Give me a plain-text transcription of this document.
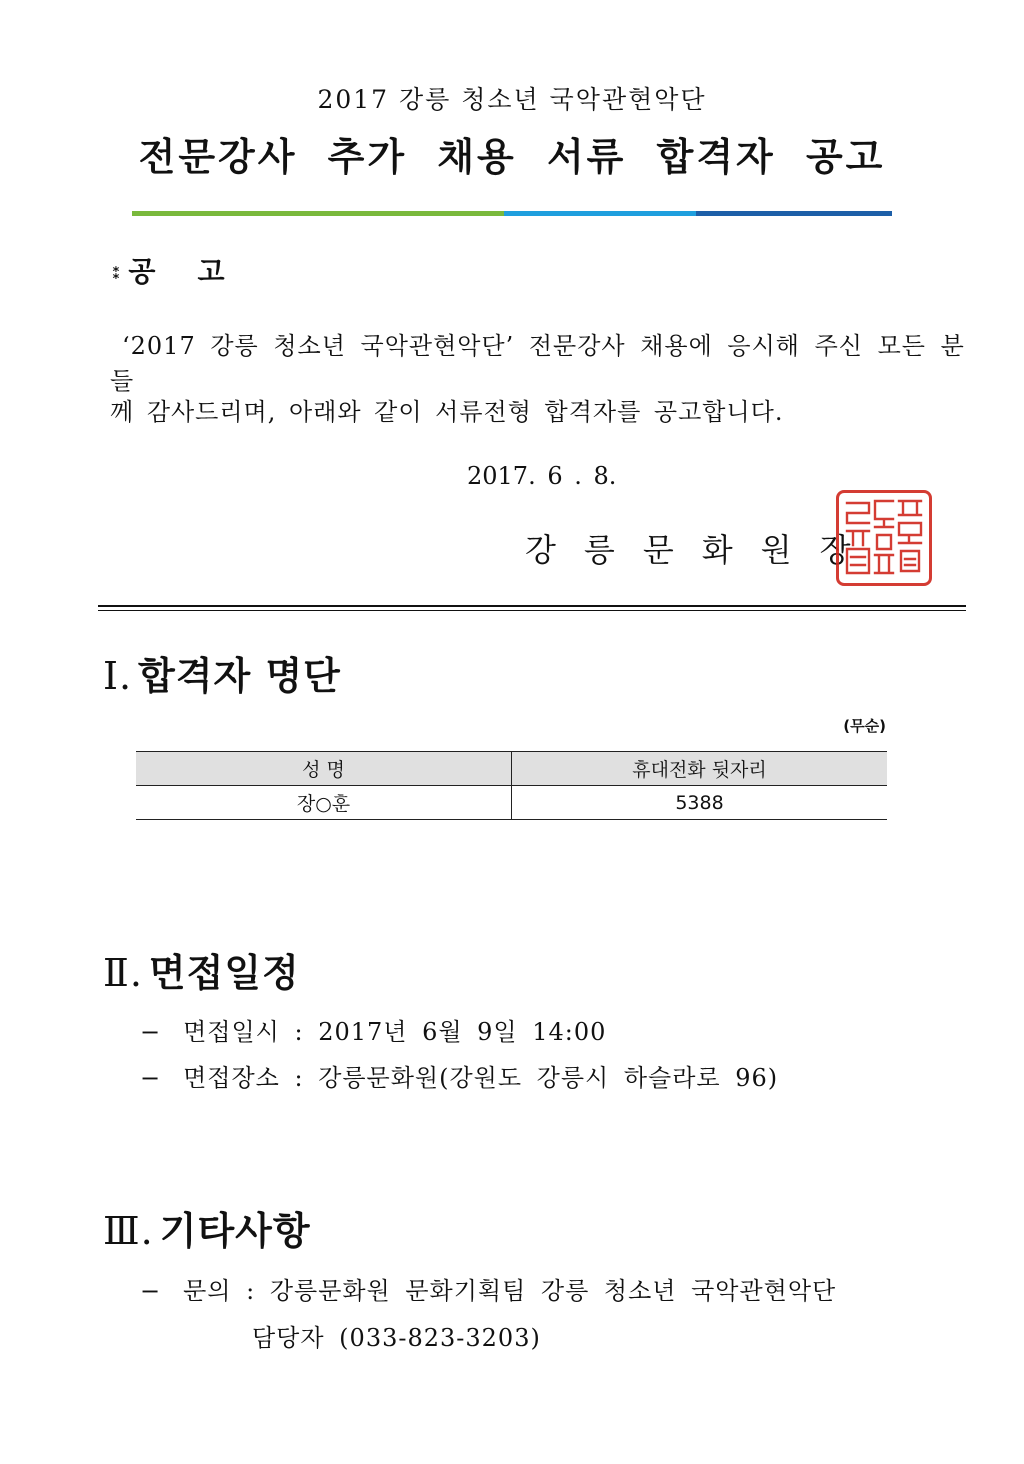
2017 강릉 청소년 국악관현악단
전문강사 추가 채용 서류 합격자 공고
⁑ 공 고
‘2017 강릉 청소년 국악관현악단’ 전문강사 채용에 응시해 주신 모든 분들
께 감사드리며, 아래와 같이 서류전형 합격자를 공고합니다.
2017. 6 . 8.
강릉문화원장
Ⅰ. 합격자 명단
(무순)
성 명	휴대전화 뒷자리
장○훈	5388
Ⅱ. 면접일정
− 면접일시 : 2017년 6월 9일 14:00
− 면접장소 : 강릉문화원(강원도 강릉시 하슬라로 96)
Ⅲ. 기타사항
− 문의 : 강릉문화원 문화기획팀 강릉 청소년 국악관현악단
담당자 (033-823-3203)
